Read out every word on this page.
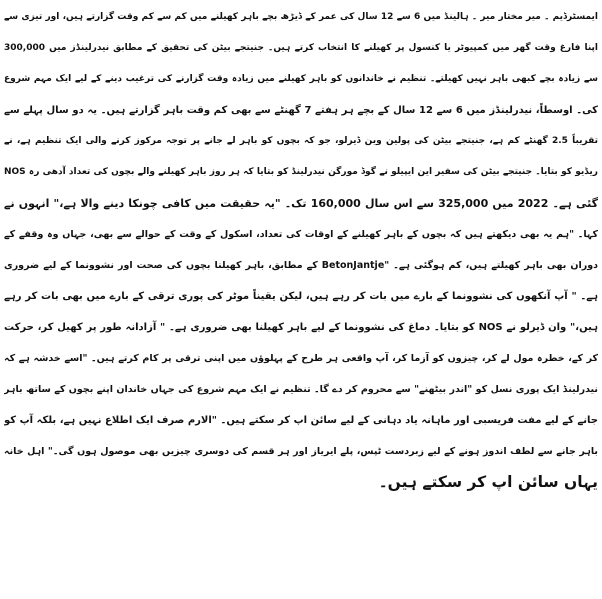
ایمسٹرڈیم ۔ میر مختار میر ۔ ہالینڈ میں 6 سے 12 سال کی عمر کے ڈیڑھ بچے باہر کھیلنے میں کم سے کم وقت گزارتے ہیں، اور تیزی سے
اپنا فارغ وقت گھر میں کمپیوٹر یا کنسول پر کھیلنے کا انتخاب کرتے ہیں۔ جنیتجے بیٹن کی تحقیق کے مطابق نیدرلینڈز میں 300,000
سے زیادہ بچے کبھی باہر نہیں کھیلتے۔ تنظیم نے خاندانوں کو باہر کھیلنے میں زیادہ وقت گزارنے کی ترغیب دینے کے لیے ایک مہم شروع
کی۔ اوسطاً، نیدرلینڈز میں 6 سے 12 سال کے بچے ہر ہفتے 7 گھنٹے سے بھی کم وقت باہر گزارتے ہیں۔ یہ دو سال پہلے سے
تقریباً 2.5 گھنٹے کم ہے، جنیتجے بیٹن کی پولین وین ڈیرلو، جو کہ بچوں کو باہر لے جانے پر توجہ مرکوز کرنے والی ایک تنظیم ہے، نے
NOS ریڈیو کو بتایا۔ جنیتجے بیٹن کی سفیر این ایپیلو نے گوڈ مورگن نیدرلینڈ کو بتایا کہ ہر روز باہر کھیلنے والے بچوں کی تعداد آدھی رہ
گئی ہے۔ 2022 میں 325,000 سے اس سال 160,000 تک۔ "یہ حقیقت میں کافی چونکا دینے والا ہے،" انہوں نے
کہا۔ "ہم یہ بھی دیکھتے ہیں کہ بچوں کے باہر کھیلنے کے اوقات کی تعداد، اسکول کے وقت کے حوالے سے بھی، جہاں وہ وقفے کے
دوران بھی باہر کھیلتے ہیں، کم ہوگئی ہے۔ "BetonJantje کے مطابق، باہر کھیلنا بچوں کی صحت اور نشوونما کے لیے ضروری
ہے۔ " آپ آنکھوں کی نشوونما کے بارے میں بات کر رہے ہیں، لیکن یقیناً موٹر کی پوری ترقی کے بارے میں بھی بات کر رہے
ہیں،" وان ڈیرلو نے NOS کو بتایا۔ دماغ کی نشوونما کے لیے باہر کھیلنا بھی ضروری ہے۔ " آزادانہ طور پر کھیل کر، حرکت
کر کے، خطرہ مول لے کر، چیزوں کو آزما کر، آپ واقعی ہر طرح کے پہلوؤں میں اپنی ترقی پر کام کرتے ہیں۔ "اسے خدشہ ہے کہ
نیدرلینڈ ایک پوری نسل کو "اندر بیٹھنے" سے محروم کر دے گا۔ تنظیم نے ایک مہم شروع کی جہاں خاندان اپنے بچوں کے ساتھ باہر
جانے کے لیے مفت فریسبی اور ماہانہ یاد دہانی کے لیے سائن اپ کر سکتے ہیں۔ "الارم صرف ایک اطلاع نہیں ہے، بلکہ آپ کو
باہر جانے سے لطف اندوز ہونے کے لیے زبردست ٹپس، پلے ایریاز اور ہر قسم کی دوسری چیزیں بھی موصول ہوں گی۔" اہل خانہ
یہاں سائن اپ کر سکتے ہیں۔
